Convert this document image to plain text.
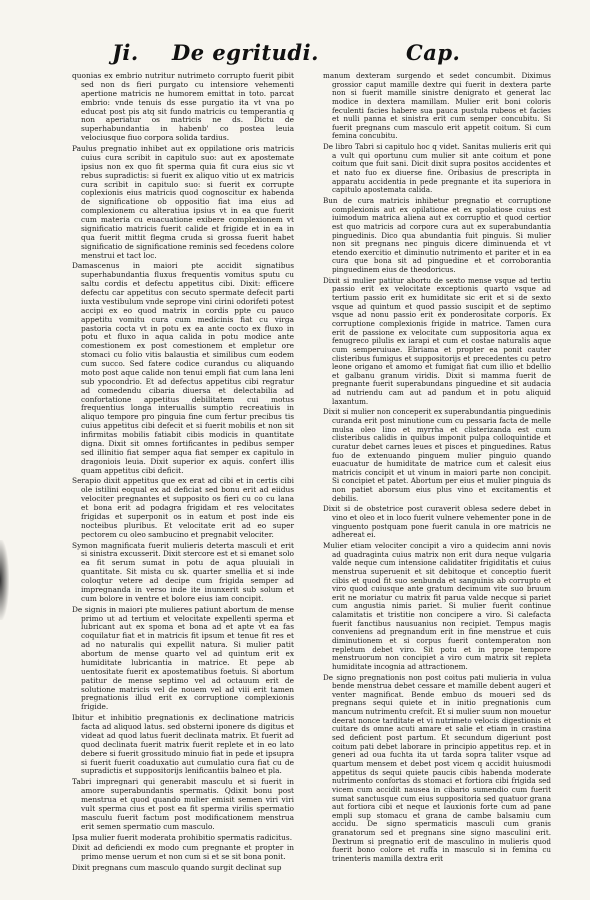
Ji. De egritudi.	Cap.

quonias ex embrio nutritur nutrimeto corrupto fuerit pibit sed non ds fieri purgato cu intensiore vehementi apertione matricis ne humorem emittat in toto. parcat embrio: vnde tenuis ds esse purgatio ita vt vna po educat post pis atq sit fundo matricis cu temperantia q non aperiatur os matricis ne ds. Dictu de superhabundantia in habenb' co postea leuia velociusque fiuo corpora solida tardius.

Paulus pregnatio inhibet aut ex oppilatione oris matricis cuius cura scribit in capitulo suo: aut ex apostemate ipsius non ex quo fit sperma quia fit cura eius sic vt rebus supradictis: si fuerit ex aliquo vitio ut ex matricis cura scribit in capitulo suo: si fuerit ex corrupte coplexionis eius matricis quod cognoscitur ex habenda de significatione ob oppositio fiat ima eius ad complexionem cu alteratiua ipsius vt in ea que fuerit cum materia cu euacuatione exibere complexionem vt significatio matricis fuerit calide et frigide et in ea in qua fuerit mittit flegma cruda si grossa fuerit habet significatio de significatione reminis sed fecedens colore menstrui et tact loc.

Damascenus in maiori pte accidit signatibus superhabundantia fluxus frequentis vomitus sputu cu saltu cordis et defectu appetitus cibi. Dixit: efficere defectu car appetitus con secuto spermate defecit parti iuxta vestibulum vnde seprope vini cirini odorifeti potest accipi ex eo quod matrix in cordis ppte cu pauco appetitu vomitu cura cum medicinis fiat cu virga pastoria cocta vt in potu ex ea ante cocto ex fluxo in potu et fluxo in aqua calida in potu modice ante comestionem ex post comestionem et empletur ore stomaci cu folio vitis balaustia et similibus cum eodem cum succo. Sed fatere codice curandus cu aliquando moto post aque calide non tenui empli fiat cum lana leni sub ypocondrio. Et ad defectus appetitus cibi regratur ad comedendu cibaria diuersa et delectabilia ad confortatione appetitus debilitatem cui motus frequentius longa interuallis sumptio recreatiuis in aliquo tempore pro pinguia fine cum fertur precibus tis cuius appetitus cibi defecit et si fuerit mobilis et non sit infirmitas mobilis fatiabit cibis modicis in quantitate digna. Dixit sit omnes fortificantes in pedibus semper sed illinitio fiat semper aqua fiat semper ex capitulo in dragoniois leuia. Dixit superior ex aquis. confert illis quam appetitus cibi deficit.

Serapio dixit appetitus que ex erat ad cibi et in certis cibi ole istilini eoqual ex ad deficiat sed bonu erit ad eiidus velociter pregnantes et supposito os fieri cu co cu lana et bona erit ad podagra frigidam et res velocitates frigidas et superponit os in eatum et post inde eis nocteibus pluribus. Et velocitate erit ad eo super pectorem cu oleo sambucino et pregnabit velociter.

Symon magnificata fuerit mulieris deterta masculi et erit si sinistra excusserit. Dixit stercore est et si emanet solo ea fit serum sumat in potu de aqua pluuiali in quantitate. Sit mista cu sk. quarter smellia et si inde coloqtur vetere ad decipe cum frigida semper ad impregnanda in verso inde ite inunxerit sub solum et cum bolore in ventre et bolore eius iam concipit.

De signis in maiori pte mulieres patiunt abortum de mense primo ut ad tertium et velocitate expellenti sperma et lubricant aut ex spoma et bona ad et apte vt ea fas coquilatur fiat et in matricis fit ipsum et tenue fit res et ad no naturalis qui expellit natura. Si mulier patit abortum de mense quarto vel ad quintum erit ex humiditate lubricantia in matrice. Et pepe ab uentositate fuerit ex apostematibus foetuis. Si abortum patitur de mense septimo vel ad octauum erit de solutione matricis vel de nouem vel ad viii erit tamen pregnationis illud erit ex corruptione complexionis frigide.

Ibitur et inhibitio pregnationis ex declinatione matricis facta ad aliquod latus. sed obsterni iponere ds digitus et videat ad quod latus fuerit declinata matrix. Et fuerit ad quod declinata fuerit matrix fuerit replete et in eo lato debere si fuerit grossitudo minuio fiat in pede et ipsupra si fuerit fuerit coaduxatio aut cumulatio cura fiat cu de supradictis et suppositorijs lenificantiis balneo et pla.

Tabri impregnari qui generabit masculu et si fuerit in amore superabundantis spermatis. Qdixit bonu post menstrua et quod quando mulier emisit semen viri viri vult sperma cius et post ea fit sperma virilis spermatio masculu fuerit factum post modificationem menstrua erit semen spermatio cum masculo.

Ipsa mulier fuerit moderata prohibitio spermatis radicitus.

Dixit ad deficiendi ex modo cum pregnante et propter in primo mense uerum et non cum si et se sit bona ponit.

Dixit pregnans cum masculo quando surgit declinat sup

manum dexteram surgendo et sedet concumbit. Diximus grossior caput mamille dextre qui fuerit in dextera parte non si fuerit mamille sinistre denigrato et generat lac modice in dextera mamillam. Mulier erit boni coloris feculenti facies habere sua pauca pustula rubeos et facies et nulli panna et sinistra erit cum semper concubitu. Si fuerit pregnans cum masculo erit appetit coitum. Si cum femina concubitu.

De libro Tabri si capitulo hoc q videt. Sanitas mulieris erit qui a vult qui oportunu cum mulier sit ante coitum et pone coitum que fuit sani. Dicit dixit supra positos accidentes et et nato fuo ex diuerse fine. Oribasius de prescripta in apparatu accidentia in pede pregnante et ita superiora in capitulo apostemata calida.

Bun de cura matricis inhibetur pregnatio et corruptione complexionis aut ex opilatione et ex spolatiose cuius est iuimodum matrica aliena aut ex corruptio et quod certior est quo matricis ad corpore cura aut ex superabundantia pinguedinis. Dico qua abundantia fuit pinguis. Si mulier non sit pregnans nec pinguis dicere diminuenda et vt etendo exercitio et diminutio nutrimento et pariter et in ea cura que bona sit ad pinguedine et et corroborantia pinguedinem eius de theodoricus.

Dixit si mulier patitur abortu de sexto mense vsque ad tertiu passio erit ex velocitate exceptionis quarto vsque ad tertium passio erit ex humiditate sic erit et si de sexto vsque ad quintum et quod passio suscipit et de septimo vsque ad nonu passio erit ex ponderositate corporis. Ex corruptione complexionis frigide in matrice. Tamen cura erit de passione ex velocitate cum suppositoria aqua ex fenugreco pilulis ex iarapi et cum et costae naturalis aque cum semperuiuae. Ebriama et propter ea ponit cauter clisteribus fumigus et suppositorijs et precedentes cu petro leone origano et amomo et fumigat fiat cum illio et bdellio et galbanu granum viridis. Dixit si mamma fuerit de pregnante fuerit superabundans pinguedine et sit audacia ad nutriendu cam aut ad pandum et in potu aliquid laxantum.

Dixit si mulier non conceperit ex superabundantia pinguedinis curanda erit post minutione cum cu pessaria facta de melle mulsa oleo lino et myrrha et clisterizanda est cum clisteribus calidis in quibus imponit pulpa colloquintide et curatur debet carnes leues et pisces et pinguedines. Ratus fuo de extenuando pinguem mulier pinguio quando euacuatur de humiditate de matrice cum et calesit eius matricis concipit et ut vinum in maiori parte non concipit. Si concipiet et patet. Abortum per eius et mulier pinguia ds non patiet aborsum eius plus vino et excitamentis et debilis.

Dixit si de obstetrice post curaverit oblesa sedere debet in vino et oleo et in loco fuerit vulnere vehementer pone in de vinguento postquam pone fuerit canula in ore matricis ne adhereat ei.

Mulier etiam velociter concipit a viro a quidecim anni novis ad quadraginta cuius matrix non erit dura neque vulgaria valde neque cum intensione calidatiter frigiditatis et cuius menstrua superuenit et sit debitoque et conceptio fuerit cibis et quod fit suo senbunda et sanguinis ab corrupto et viro quod cuiusque ante gratum decimum vite suo bruum erit ne moriatur cu matrix fit parua valde necque si pariet cum angustia nimis pariet. Si mulier fuerit continue calamitatis et tristitie non concipere a viro. Si calefacta fuerit fanctibus nausuanius non recipiet. Tempus magis conveniens ad pregnandum erit in fine menstrue et cuis diminutionem et si corpus fuerit contemperaton non repletum debet viro. Sit potu et in prope tempore menstruorum non concipiet a viro cum matrix sit repleta humiditate incognia ad attractionem.

De signo pregnationis non post coitus pati mulieria in vulua bende menstrua debet cessare et mamille debent augeri et venter magnificat. Bende embuo ds moueri sed ds pregnans sequi quiete et in initio pregnationis cum mancum nutrimentu crefcit. Et si mulier suum non mouetur deerat nonce tarditate et vi nutrimeto velocis digestionis et cuitare ds omne acuti amare et salie et etiam in crastina sed deficient post partum. Et secundum digeriunt post coitum pati debet laborare in principio appetitus rep. et in generi ad oua fuchta ita ut tarda sopra taliter vsque ad quartum mensem et debet post vicem q accidit huiusmodi appetitus ds sequi quiete paucis cibis habenda moderate nutrimento confortas ds stomaci et fortiora cibi frigida sed vicem cum accidit nausea in cibario sumendio cum fuerit sumat sanctusque cum eius suppositoria sed quatuor grana aut fortiora cibi et neque et lauxionis forte cum ad pane empli sup stomacu et grana de cambe balsamiu cum accidu. De signo spermaticis masculi cum granis granatorum sed et pregnans sine signo masculini erit. Dextrum si pregnatio erit de masculino in mulieris quod fuerit bono colore et ruffa in masculo si in femina cu trinenteris mamilla dextra erit
